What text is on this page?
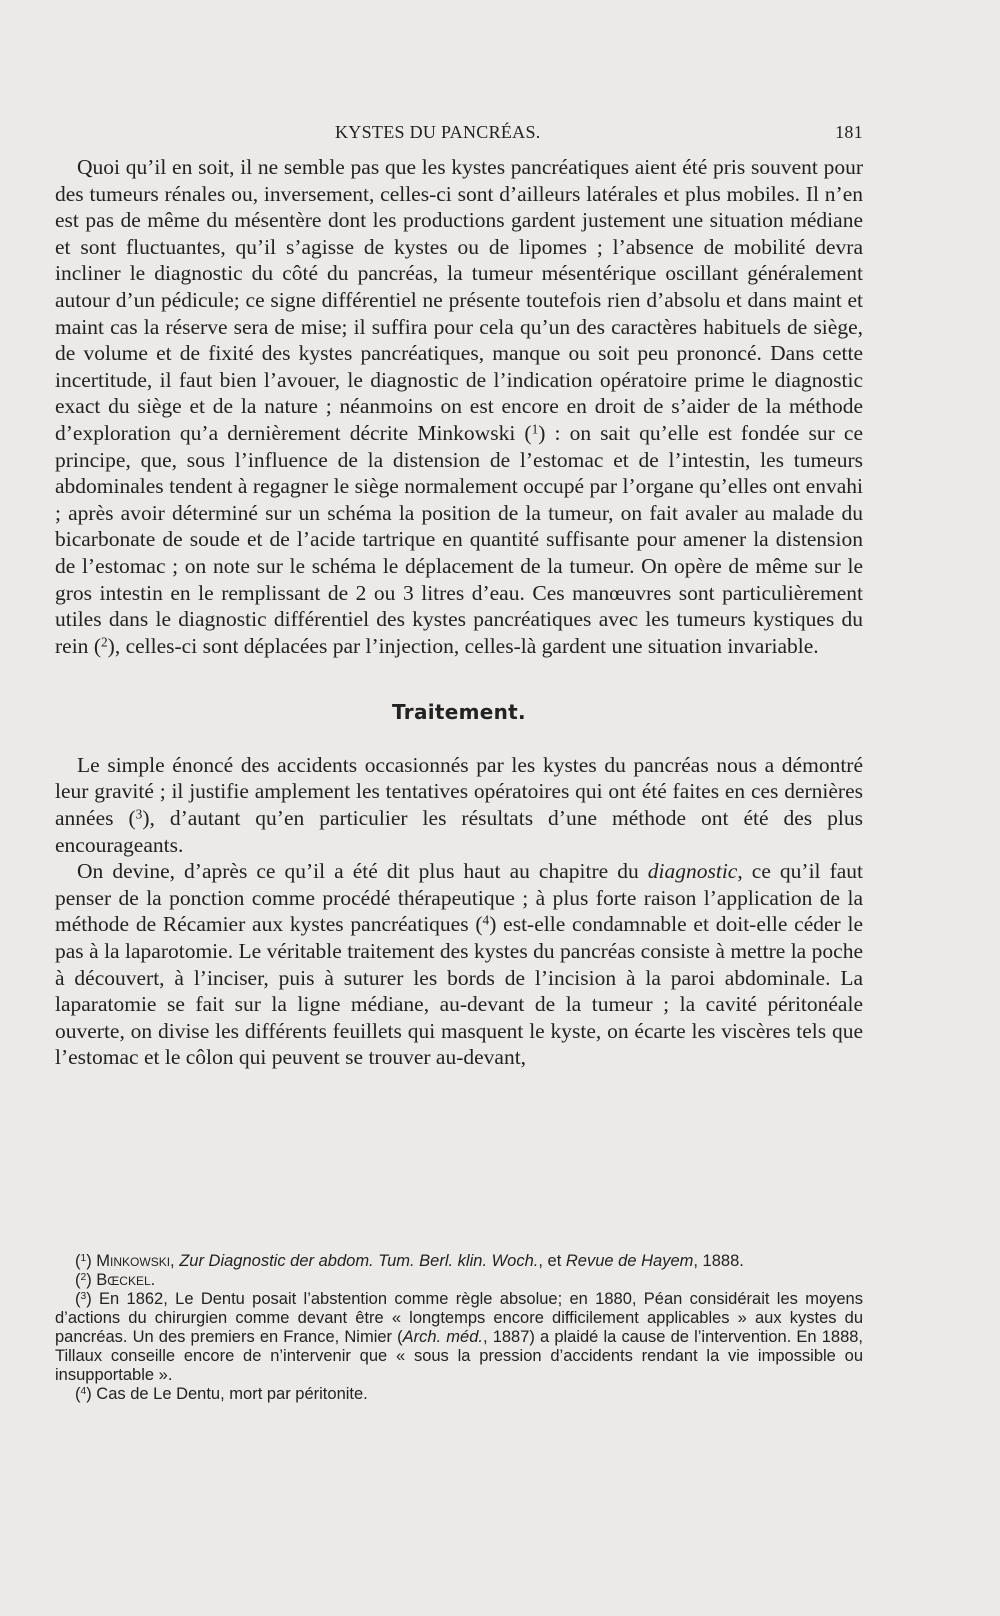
KYSTES DU PANCRÉAS.	181

Quoi qu’il en soit, il ne semble pas que les kystes pancréatiques aient été pris souvent pour des tumeurs rénales ou, inversement, celles-ci sont d’ailleurs latérales et plus mobiles. Il n’en est pas de même du mésentère dont les productions gardent justement une situation médiane et sont fluctuantes, qu’il s’agisse de kystes ou de lipomes ; l’absence de mobilité devra incliner le diagnostic du côté du pancréas, la tumeur mésentérique oscillant généralement autour d’un pédicule; ce signe différentiel ne présente toutefois rien d’absolu et dans maint et maint cas la réserve sera de mise; il suffira pour cela qu’un des caractères habituels de siège, de volume et de fixité des kystes pancréatiques, manque ou soit peu prononcé. Dans cette incertitude, il faut bien l’avouer, le diagnostic de l’indication opératoire prime le diagnostic exact du siège et de la nature ; néanmoins on est encore en droit de s’aider de la méthode d’exploration qu’a dernièrement décrite Minkowski ($^1$) : on sait qu’elle est fondée sur ce principe, que, sous l’influence de la distension de l’estomac et de l’intestin, les tumeurs abdominales tendent à regagner le siège normalement occupé par l’organe qu’elles ont envahi ; après avoir déterminé sur un schéma la position de la tumeur, on fait avaler au malade du bicarbonate de soude et de l’acide tartrique en quantité suffisante pour amener la distension de l’estomac ; on note sur le schéma le déplacement de la tumeur. On opère de même sur le gros intestin en le remplissant de 2 ou 3 litres d’eau. Ces manœuvres sont particulièrement utiles dans le diagnostic différentiel des kystes pancréatiques avec les tumeurs kystiques du rein ($^2$), celles-ci sont déplacées par l’injection, celles-là gardent une situation invariable.

Traitement.

Le simple énoncé des accidents occasionnés par les kystes du pancréas nous a démontré leur gravité ; il justifie amplement les tentatives opératoires qui ont été faites en ces dernières années ($^3$), d’autant qu’en particulier les résultats d’une méthode ont été des plus encourageants.

On devine, d’après ce qu’il a été dit plus haut au chapitre du diagnostic, ce qu’il faut penser de la ponction comme procédé thérapeutique ; à plus forte raison l’application de la méthode de Récamier aux kystes pancréatiques ($^4$) est-elle condamnable et doit-elle céder le pas à la laparotomie. Le véritable traitement des kystes du pancréas consiste à mettre la poche à découvert, à l’inciser, puis à suturer les bords de l’incision à la paroi abdominale. La laparatomie se fait sur la ligne médiane, au-devant de la tumeur ; la cavité péritonéale ouverte, on divise les différents feuillets qui masquent le kyste, on écarte les viscères tels que l’estomac et le côlon qui peuvent se trouver au-devant,

($^1$) Minkowski, Zur Diagnostic der abdom. Tum. Berl. klin. Woch., et Revue de Hayem, 1888.

($^2$) Bœckel.

($^3$) En 1862, Le Dentu posait l’abstention comme règle absolue; en 1880, Péan considérait les moyens d’actions du chirurgien comme devant être « longtemps encore difficilement applicables » aux kystes du pancréas. Un des premiers en France, Nimier (Arch. méd., 1887) a plaidé la cause de l’intervention. En 1888, Tillaux conseille encore de n’intervenir que « sous la pression d’accidents rendant la vie impossible ou insupportable ».

($^4$) Cas de Le Dentu, mort par péritonite.
